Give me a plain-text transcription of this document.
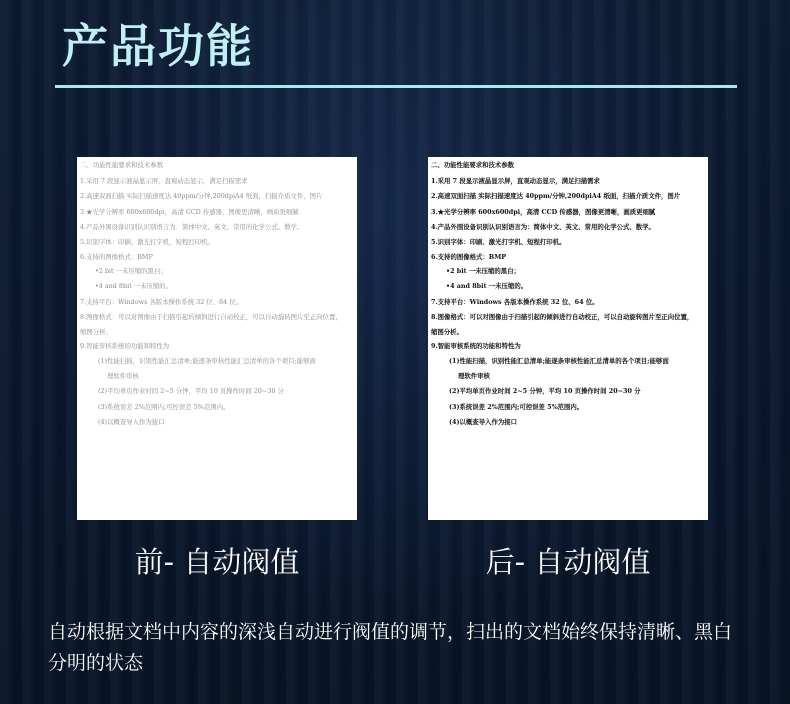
产品功能
二、功能性能要求和技术参数
1.采用 7 段显示液晶显示屏，直观动态显示，满足扫描需求
2.高速双面扫描 实际扫描速度达 40ppm/分钟,200dpiA4 纸面，扫描介质文件，图片
3.★光学分辨率 600x600dpi，高清 CCD 传感器，图像更清晰，画质更细腻
4.产品外围设备识别认识别语言为：简体中文、英文、常用的化学公式、数学。
5.识别字体：印刷、激光打字机、短程打印机。
6.支持的图像格式：BMP
•2 bit 一未压缩的黑白；
•4 and 8bit 一未压缩的。
7.支持平台：Windows 各版本操作系统 32 位、64 位。
8.图像格式：可以对图像由于扫描引起的倾斜进行自动校正，可以自动旋转图片至正向位置，
缩图分析。
9.智能审核系统的功能和特性为
(1)性能扫描，识别性能汇总清单;能逐条审核性能汇总清单的各个项目;能够面
理软件审核
(2)平均单页作业时间 2~5 分钟，平均 10 页操作时间 20~30 分
(3)系统误差 2%范围内;可控误差 5%范围内。
(4)以概查导入作为接口
二、功能性能要求和技术参数
1.采用 7 段显示液晶显示屏，直观动态显示，满足扫描需求
2.高速双面扫描 实际扫描速度达 40ppm/分钟,200dpiA4 纸面，扫描介质文件，图片
3.★光学分辨率 600x600dpi，高清 CCD 传感器，图像更清晰，画质更细腻
4.产品外围设备识别认识别语言为：简体中文、英文、常用的化学公式、数学。
5.识别字体：印刷、激光打字机、短程打印机。
6.支持的图像格式：BMP
•2 bit 一未压缩的黑白；
•4 and 8bit 一未压缩的。
7.支持平台：Windows 各版本操作系统 32 位、64 位。
8.图像格式：可以对图像由于扫描引起的倾斜进行自动校正，可以自动旋转图片至正向位置，
缩图分析。
9.智能审核系统的功能和特性为
(1)性能扫描，识别性能汇总清单;能逐条审核性能汇总清单的各个项目;能够面
理软件审核
(2)平均单页作业时间 2~5 分钟，平均 10 页操作时间 20~30 分
(3)系统误差 2%范围内;可控误差 5%范围内。
(4)以概查导入作为接口
前- 自动阀值	后- 自动阀值
自动根据文档中内容的深浅自动进行阀值的调节，扫出的文档始终保持清晰、黑白分明的状态
